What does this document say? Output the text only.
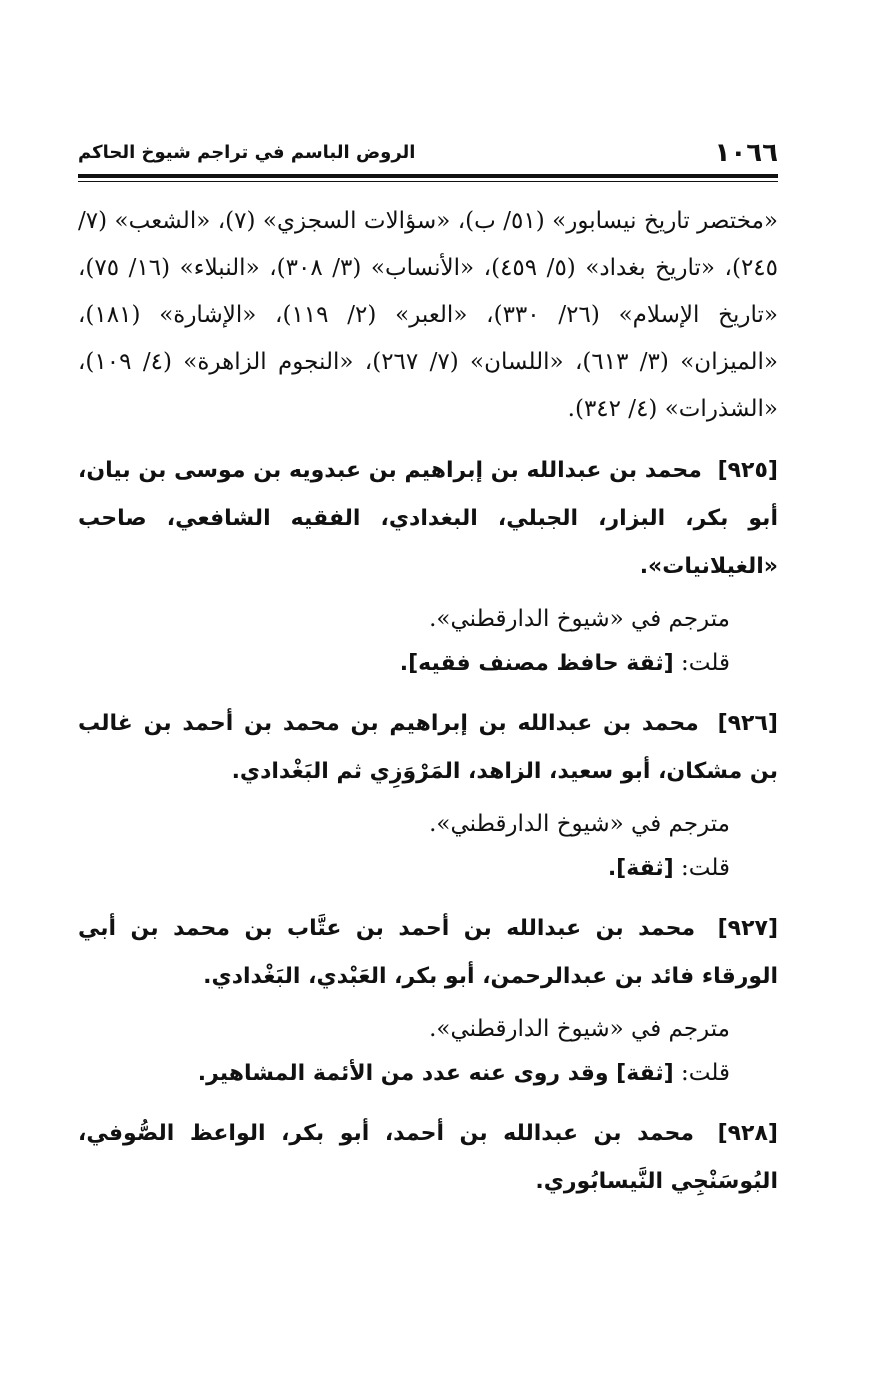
١٠٦٦
الروض الباسم في تراجم شيوخ الحاكم

«مختصر تاريخ نيسابور» (٥١/ ب)، «سؤالات السجزي» (٧)، «الشعب» (٧/ ٢٤٥)، «تاريخ بغداد» (٥/ ٤٥٩)، «الأنساب» (٣/ ٣٠٨)، «النبلاء» (١٦/ ٧٥)، «تاريخ الإسلام» (٢٦/ ٣٣٠)، «العبر» (٢/ ١١٩)، «الإشارة» (١٨١)، «الميزان» (٣/ ٦١٣)، «اللسان» (٧/ ٢٦٧)، «النجوم الزاهرة» (٤/ ١٠٩)، «الشذرات» (٤/ ٣٤٢).

[٩٢٥] محمد بن عبدالله بن إبراهيم بن عبدويه بن موسى بن بيان، أبو بكر، البزار، الجبلي، البغدادي، الفقيه الشافعي، صاحب «الغيلانيات».

مترجم في «شيوخ الدارقطني».

قلت: [ثقة حافظ مصنف فقيه].

[٩٢٦] محمد بن عبدالله بن إبراهيم بن محمد بن أحمد بن غالب بن مشكان، أبو سعيد، الزاهد، المَرْوَزِي ثم البَغْدادي.

مترجم في «شيوخ الدارقطني».

قلت: [ثقة].

[٩٢٧] محمد بن عبدالله بن أحمد بن عتَّاب بن محمد بن أبي الورقاء فائد بن عبدالرحمن، أبو بكر، العَبْدي، البَغْدادي.

مترجم في «شيوخ الدارقطني».

قلت: [ثقة] وقد روى عنه عدد من الأئمة المشاهير.

[٩٢٨] محمد بن عبدالله بن أحمد، أبو بكر، الواعظ الصُّوفي، البُوسَنْجِي النَّيسابُوري.
